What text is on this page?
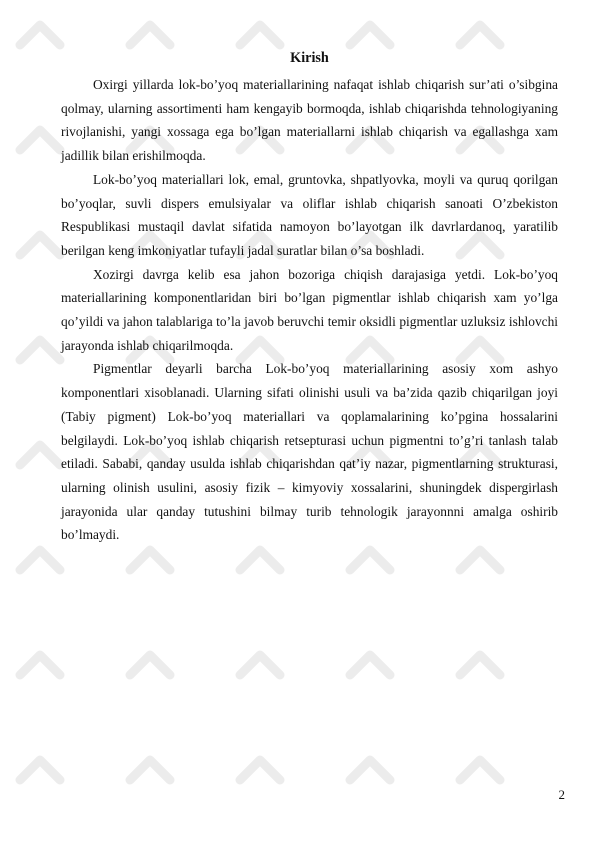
Kirish

Oxirgi yillarda lok-bo’yoq materiallarining nafaqat ishlab chiqarish sur’ati o’sibgina qolmay, ularning assortimenti ham kengayib bormoqda, ishlab chiqarishda tehnologiyaning rivojlanishi, yangi xossaga ega bo’lgan materiallarni ishlab chiqarish va egallashga xam jadillik bilan erishilmoqda.

Lok-bo’yoq materiallari lok, emal, gruntovka, shpatlyovka, moyli va quruq qorilgan bo’yoqlar, suvli dispers emulsiyalar va oliflar ishlab chiqarish sanoati O’zbekiston Respublikasi mustaqil davlat sifatida namoyon bo’layotgan ilk davrlardanoq, yaratilib berilgan keng imkoniyatlar tufayli jadal suratlar bilan o’sa boshladi.

Xozirgi davrga kelib esa jahon bozoriga chiqish darajasiga yetdi. Lok-bo’yoq materiallarining komponentlaridan biri bo’lgan pigmentlar ishlab chiqarish xam yo’lga qo’yildi va jahon talablariga to’la javob beruvchi temir oksidli pigmentlar uzluksiz ishlovchi jarayonda ishlab chiqarilmoqda.

Pigmentlar deyarli barcha Lok-bo’yoq materiallarining asosiy xom ashyo komponentlari xisoblanadi. Ularning sifati olinishi usuli va ba’zida qazib chiqarilgan joyi (Tabiy pigment) Lok-bo’yoq materiallari va qoplamalarining ko’pgina hossalarini belgilaydi. Lok-bo’yoq ishlab chiqarish retsepturasi uchun pigmentni to’g’ri tanlash talab etiladi. Sababi, qanday usulda ishlab chiqarishdan qat’iy nazar, pigmentlarning strukturasi, ularning olinish usulini, asosiy fizik – kimyoviy xossalarini, shuningdek dispergirlash jarayonida ular qanday tutushini bilmay turib tehnologik jarayonnni amalga oshirib bo’lmaydi.

2
